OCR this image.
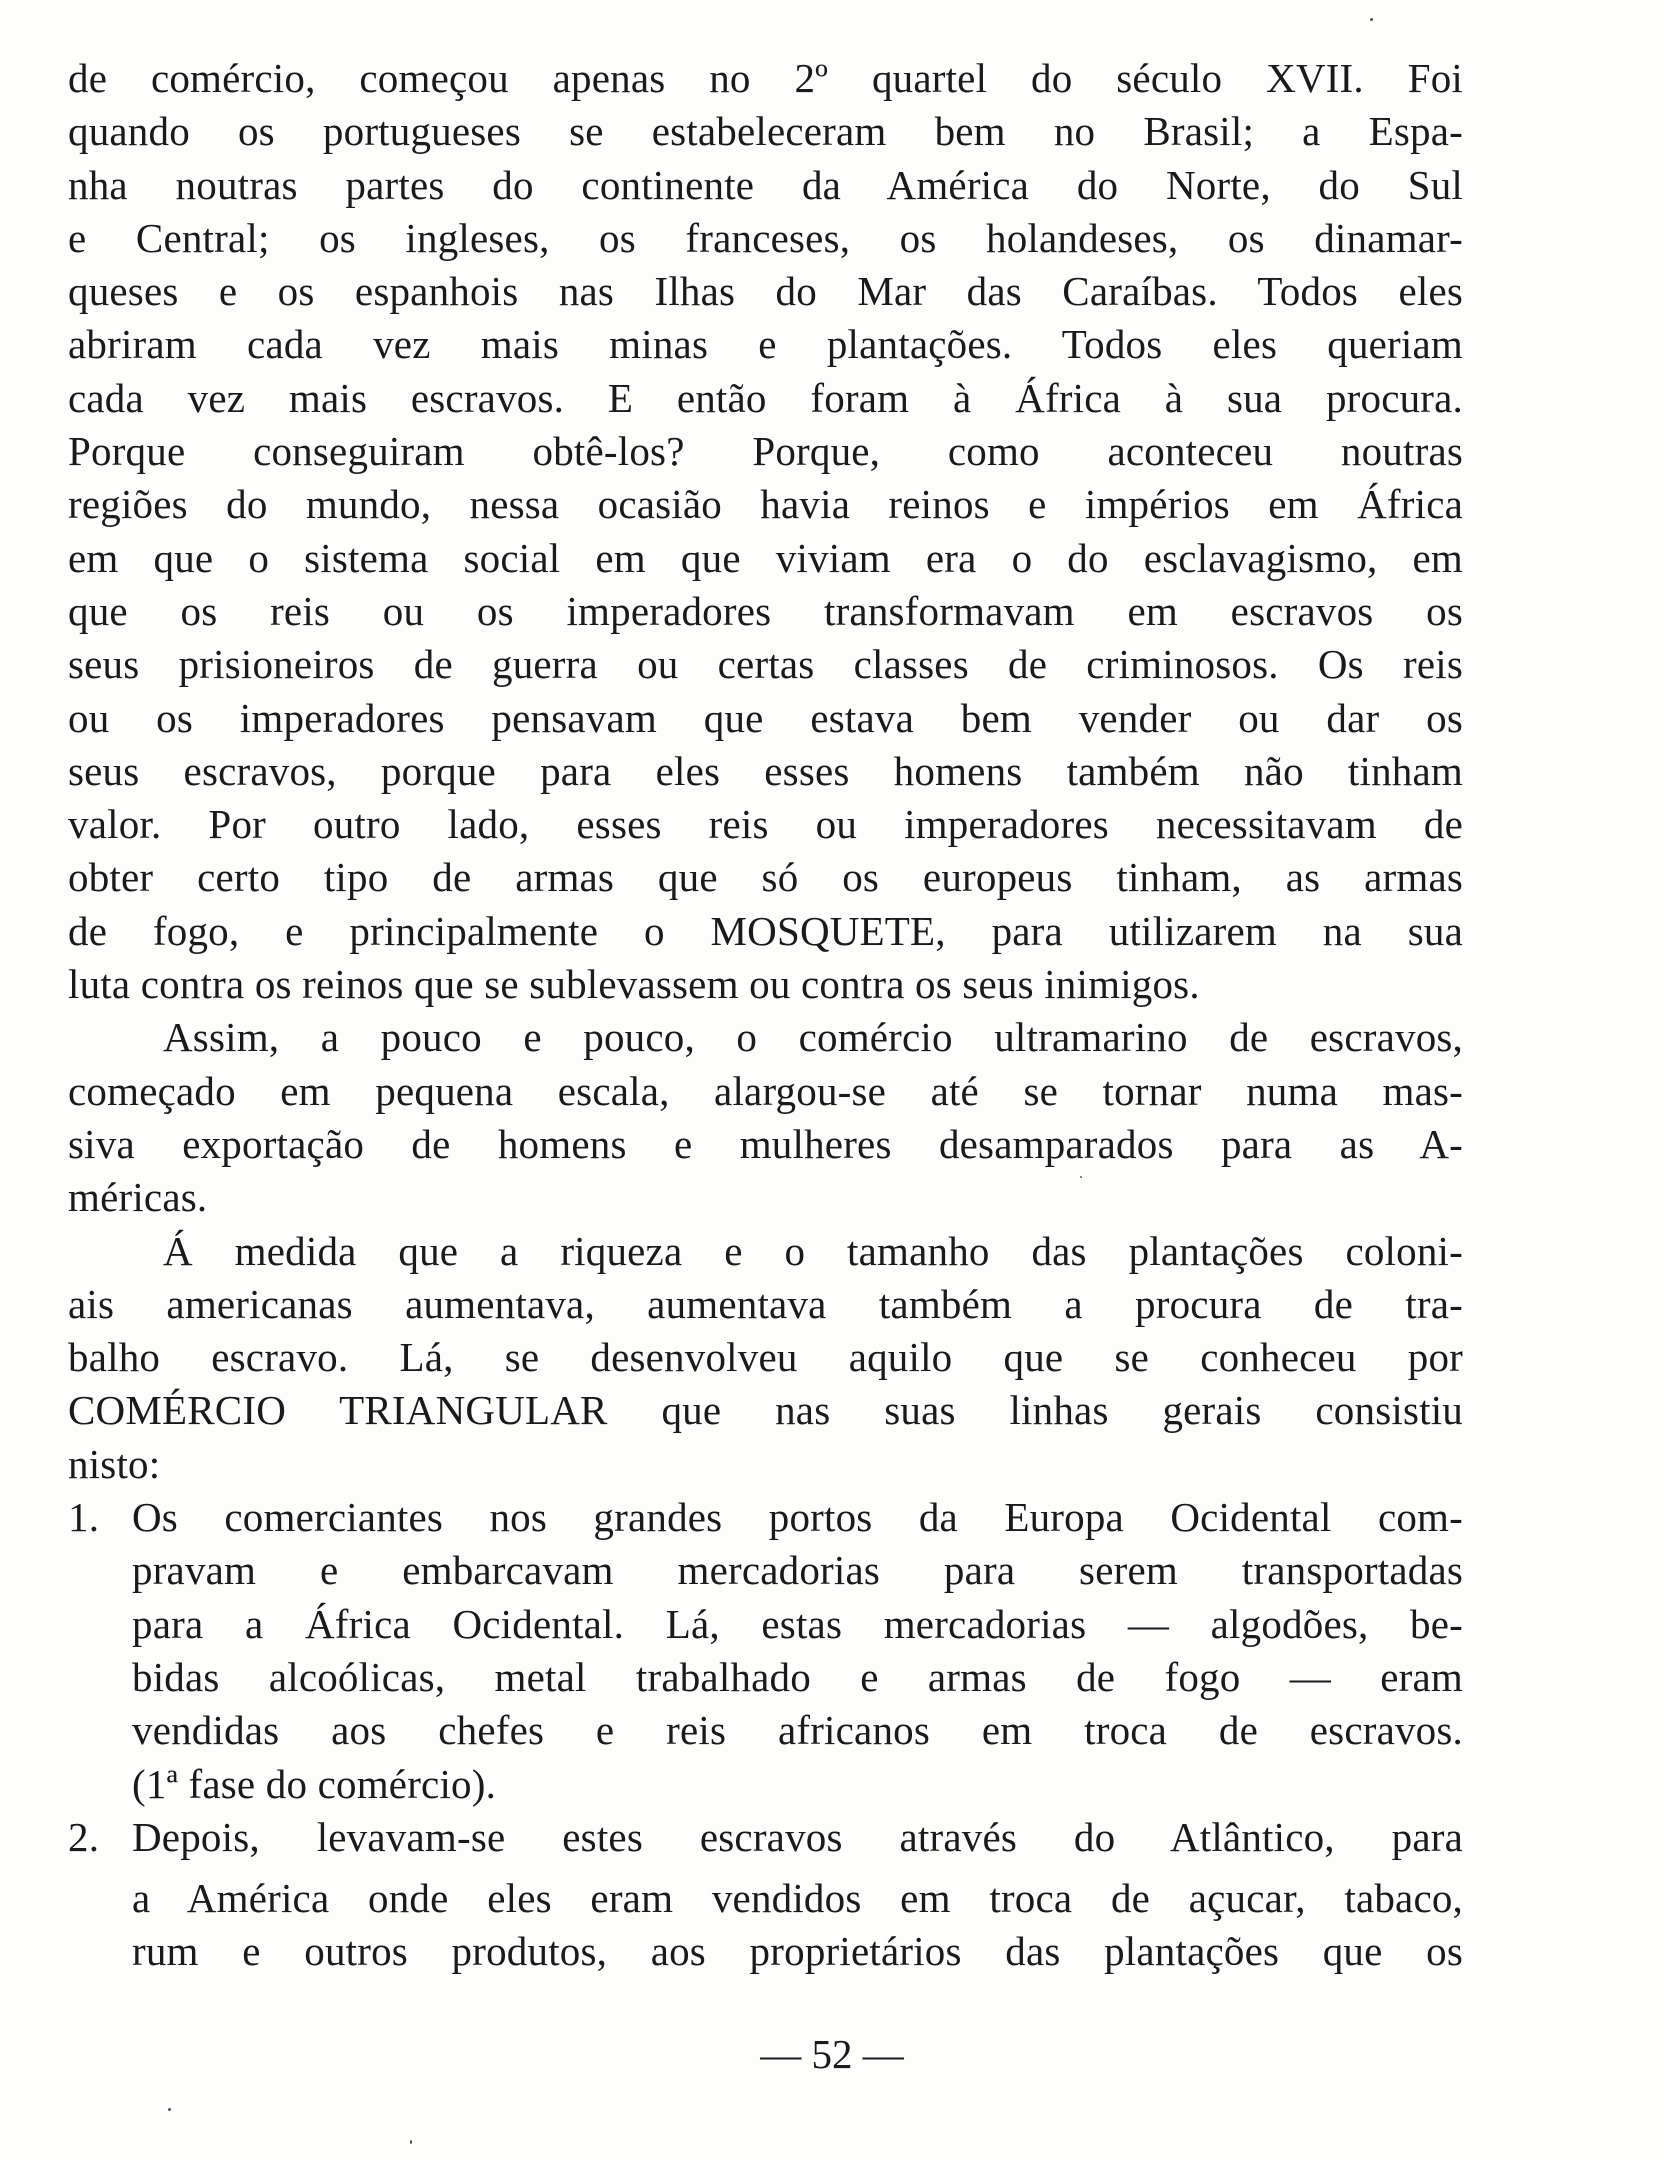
de comércio, começou apenas no 2º quartel do século XVII. Foi
quando os portugueses se estabeleceram bem no Brasil; a Espa-
nha noutras partes do continente da América do Norte, do Sul
e Central; os ingleses, os franceses, os holandeses, os dinamar-
queses e os espanhois nas Ilhas do Mar das Caraíbas. Todos eles
abriram cada vez mais minas e plantações. Todos eles queriam
cada vez mais escravos. E então foram à África à sua procura.
Porque conseguiram obtê-los? Porque, como aconteceu noutras
regiões do mundo, nessa ocasião havia reinos e impérios em África
em que o sistema social em que viviam era o do esclavagismo, em
que os reis ou os imperadores transformavam em escravos os
seus prisioneiros de guerra ou certas classes de criminosos. Os reis
ou os imperadores pensavam que estava bem vender ou dar os
seus escravos, porque para eles esses homens também não tinham
valor. Por outro lado, esses reis ou imperadores necessitavam de
obter certo tipo de armas que só os europeus tinham, as armas
de fogo, e principalmente o MOSQUETE, para utilizarem na sua
luta contra os reinos que se sublevassem ou contra os seus inimigos.
Assim, a pouco e pouco, o comércio ultramarino de escravos,
começado em pequena escala, alargou-se até se tornar numa mas-
siva exportação de homens e mulheres desamparados para as A-
méricas.
Á medida que a riqueza e o tamanho das plantações coloni-
ais americanas aumentava, aumentava também a procura de tra-
balho escravo. Lá, se desenvolveu aquilo que se conheceu por
COMÉRCIO TRIANGULAR que nas suas linhas gerais consistiu
nisto:
1. Os comerciantes nos grandes portos da Europa Ocidental com-
pravam e embarcavam mercadorias para serem transportadas
para a África Ocidental. Lá, estas mercadorias — algodões, be-
bidas alcoólicas, metal trabalhado e armas de fogo — eram
vendidas aos chefes e reis africanos em troca de escravos.
(1ª fase do comércio).
2. Depois, levavam-se estes escravos através do Atlântico, para
a América onde eles eram vendidos em troca de açucar, tabaco,
rum e outros produtos, aos proprietários das plantações que os
— 52 —
